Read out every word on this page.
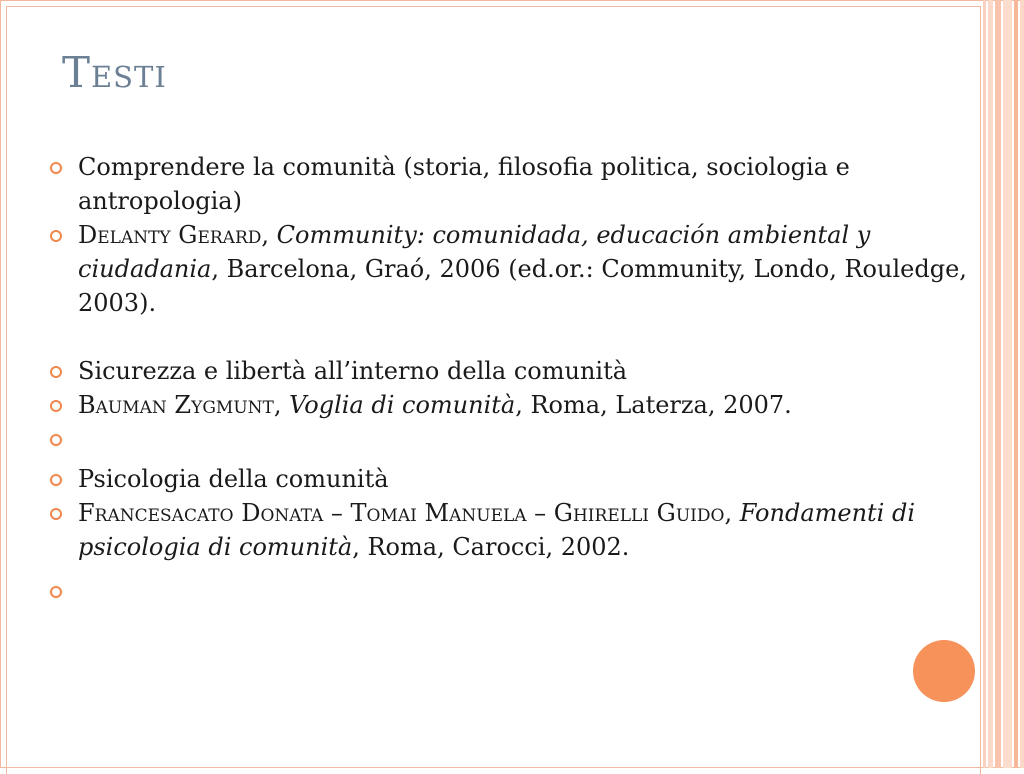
Testi
Comprendere la comunità (storia, filosofia politica, sociologia e antropologia)
Delanty Gerard, Community: comunidada, educación ambiental y ciudadania, Barcelona, Graó, 2006 (ed.or.: Community, Londo, Rouledge, 2003).
Sicurezza e libertà all’interno della comunità
Bauman Zygmunt, Voglia di comunità, Roma, Laterza, 2007.
Psicologia della comunità
Francesacato Donata – Tomai Manuela – Ghirelli Guido, Fondamenti di psicologia di comunità, Roma, Carocci, 2002.
